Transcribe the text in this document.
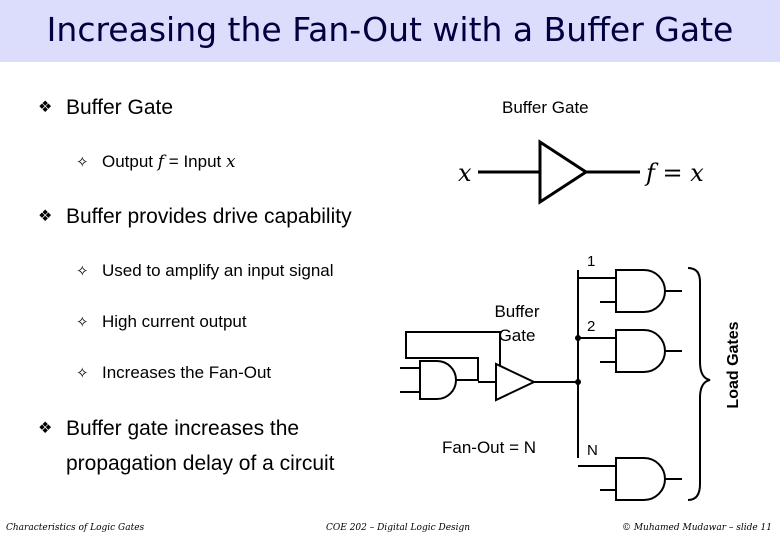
Increasing the Fan-Out with a Buffer Gate
❖ Buffer Gate
✧ Output f = Input x
❖ Buffer provides drive capability
✧ Used to amplify an input signal
✧ High current output
✧ Increases the Fan-Out
❖ Buffer gate increases the
propagation delay of a circuit
Buffer Gate
x	f = x
Buffer
Gate
Fan-Out = N
1
2
N
Load Gates
Characteristics of Logic Gates	COE 202 – Digital Logic Design	© Muhamed Mudawar – slide 11
